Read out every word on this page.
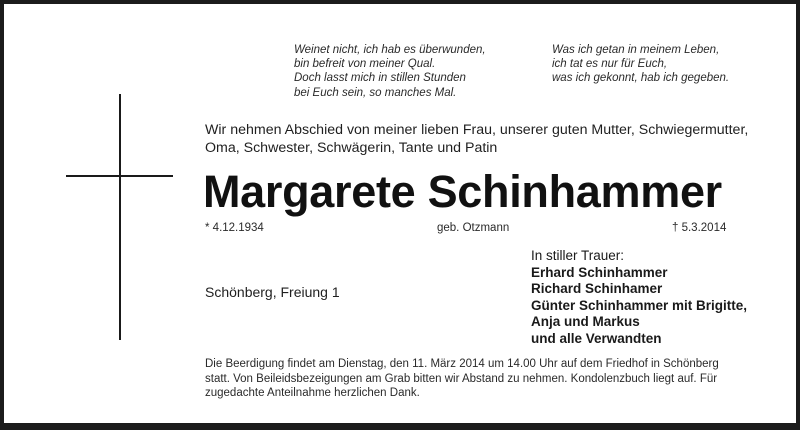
Weinet nicht, ich hab es überwunden,
bin befreit von meiner Qual.
Doch lasst mich in stillen Stunden
bei Euch sein, so manches Mal.
Was ich getan in meinem Leben,
ich tat es nur für Euch,
was ich gekonnt, hab ich gegeben.
Wir nehmen Abschied von meiner lieben Frau, unserer guten Mutter, Schwiegermutter,
Oma, Schwester, Schwägerin, Tante und Patin
Margarete Schinhammer
* 4.12.1934	geb. Otzmann	† 5.3.2014
Schönberg, Freiung 1
In stiller Trauer:
Erhard Schinhammer
Richard Schinhamer
Günter Schinhammer mit Brigitte,
Anja und Markus
und alle Verwandten
Die Beerdigung findet am Dienstag, den 11. März 2014 um 14.00 Uhr auf dem Friedhof in Schönberg
statt. Von Beileidsbezeigungen am Grab bitten wir Abstand zu nehmen. Kondolenzbuch liegt auf. Für
zugedachte Anteilnahme herzlichen Dank.
